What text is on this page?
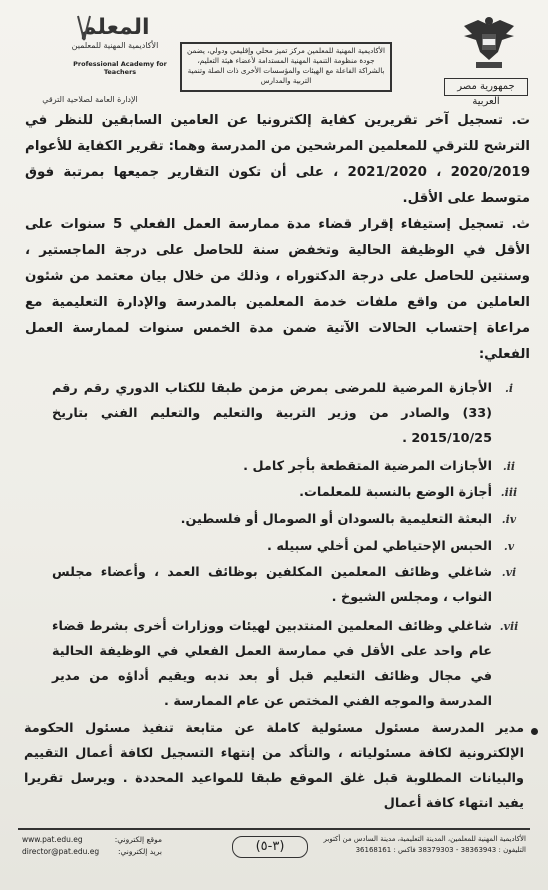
جمهورية مصر العربية
الأكاديمية المهنية للمعلمين مركز تميز محلي وإقليمي ودولي، يضمن جودة منظومة التنمية المهنية المستدامة لأعضاء هيئة التعليم، بالشراكة الفاعلة مع الهيئات والمؤسسات الأخرى ذات الصلة وتنمية التربية والمدارس
المعلم
الأكاديمية المهنية للمعلمين
Professional Academy for Teachers
الإدارة العامة لصلاحية الترقي
ت. تسجيل آخر تقريرين كفاية إلكترونيا عن العامين السابقين للنظر في الترشح للترقي للمعلمين المرشحين من المدرسة وهما: تقرير الكفاية للأعوام 2020/2019 ، 2021/2020 ، على أن تكون التقارير جميعها بمرتبة فوق متوسط على الأقل.
ث. تسجيل إستيفاء إقرار قضاء مدة ممارسة العمل الفعلي 5 سنوات على الأقل في الوظيفة الحالية وتخفض سنة للحاصل على درجة الماجستير ، وسنتين للحاصل على درجة الدكتوراه ، وذلك من خلال بيان معتمد من شئون العاملين من واقع ملفات خدمة المعلمين بالمدرسة والإدارة التعليمية مع مراعاة إحتساب الحالات الآتية ضمن مدة الخمس سنوات لممارسة العمل الفعلي:
i.
الأجازة المرضية للمرضى بمرض مزمن طبقا للكتاب الدوري رقم رقم (33) والصادر من وزير التربية والتعليم والتعليم الفني بتاريخ 2015/10/25 .
ii.
الأجازات المرضية المتقطعة بأجر كامل .
iii.
أجازة الوضع بالنسبة للمعلمات.
iv.
البعثة التعليمية بالسودان أو الصومال أو فلسطين.
v.
الحبس الإحتياطي لمن أخلي سبيله .
vi.
شاغلي وظائف المعلمين المكلفين بوظائف العمد ، وأعضاء مجلس النواب ، ومجلس الشيوخ .
vii.
شاغلي وظائف المعلمين المنتدبين لهيئات ووزارات أخرى بشرط قضاء عام واحد على الأقل في ممارسة العمل الفعلي في الوظيفة الحالية في مجال وظائف التعليم قبل أو بعد ندبه ويقيم أداؤه من مدير المدرسة والموجه الفني المختص عن عام الممارسة .
مدير المدرسة مسئول مسئولية كاملة عن متابعة تنفيذ مسئول الحكومة الإلكترونية لكافة مسئولياته ، والتأكد من إنتهاء التسجيل لكافة أعمال التقييم والبيانات المطلوبة قبل غلق الموقع طبقا للمواعيد المحددة . ويرسل تقريرا يفيد انتهاء كافة أعمال
الأكاديمية المهنية للمعلمين، المدينة التعليمية، مدينة السادس من أكتوبر
التليفون : 38363943 - 38379303 فاكس : 36168161
(٣-٥)
www.pat.edu.eg	موقع إلكتروني:
director@pat.edu.eg	بريد إلكتروني:
